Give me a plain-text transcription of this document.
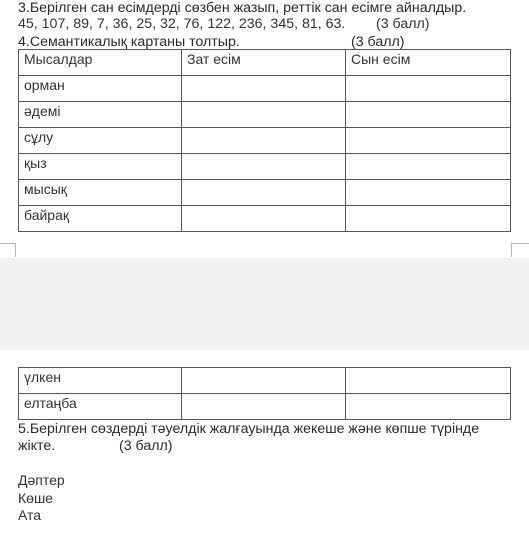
3.Берілген сан есімдерді сөзбен жазып, реттік сан есімге айналдыр.
45, 107, 89, 7, 36, 25, 32, 76, 122, 236, 345, 81, 63. (3 балл)
4.Семантикалық картаны толтыр.	(3 балл)
Мысалдар	Зат есім	Сын есім
орман		
әдемі		
сұлу		
қыз		
мысық		
байрақ		
үлкен		
елтаңба		
5.Берілген сөздерді тәуелдік жалғауында жекеше және көпше түрінде
жікте.	(3 балл)
Дәптер
Көше
Ата
